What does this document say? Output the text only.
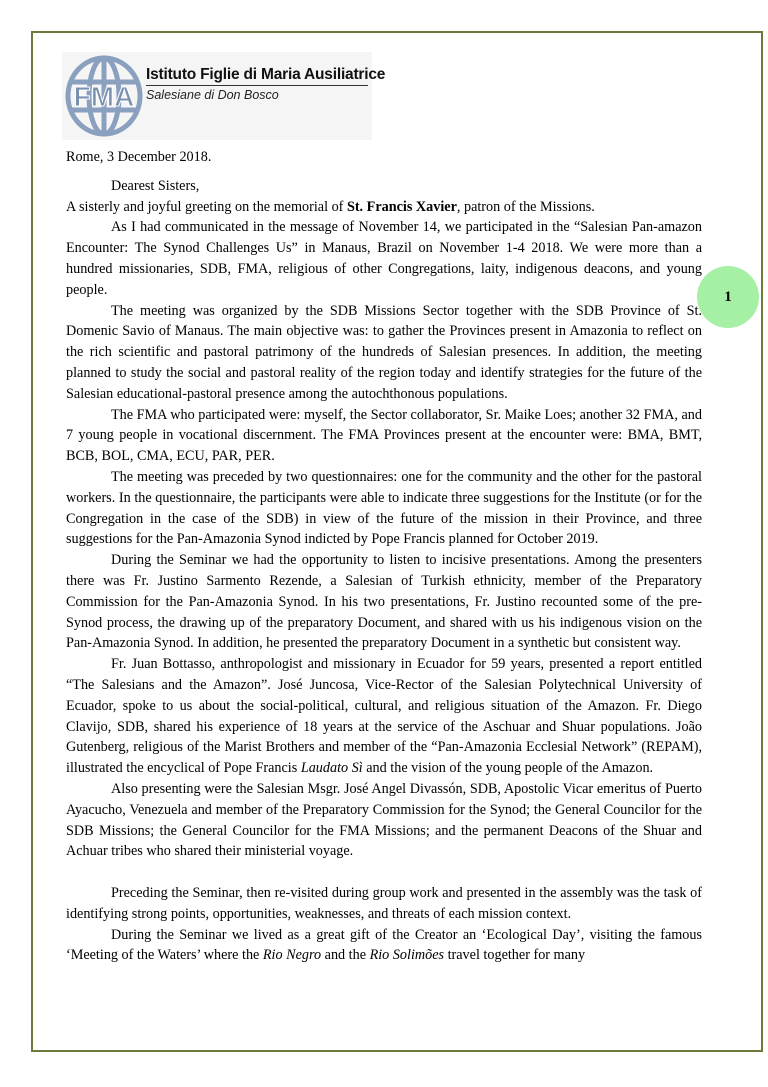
FMA
Istituto Figlie di Maria Ausiliatrice
Salesiane di Don Bosco
1

Rome, 3 December 2018.

Dearest Sisters,

A sisterly and joyful greeting on the memorial of St. Francis Xavier, patron of the Missions.

As I had communicated in the message of November 14, we participated in the “Salesian Pan-amazon Encounter: The Synod Challenges Us” in Manaus, Brazil on November 1-4 2018. We were more than a hundred missionaries, SDB, FMA, religious of other Congregations, laity, indigenous deacons, and young people.

The meeting was organized by the SDB Missions Sector together with the SDB Province of St. Domenic Savio of Manaus. The main objective was: to gather the Provinces present in Amazonia to reflect on the rich scientific and pastoral patrimony of the hundreds of Salesian presences. In addition, the meeting planned to study the social and pastoral reality of the region today and identify strategies for the future of the Salesian educational-pastoral presence among the autochthonous populations.

The FMA who participated were: myself, the Sector collaborator, Sr. Maike Loes; another 32 FMA, and 7 young people in vocational discernment. The FMA Provinces present at the encounter were: BMA, BMT, BCB, BOL, CMA, ECU, PAR, PER.

The meeting was preceded by two questionnaires: one for the community and the other for the pastoral workers. In the questionnaire, the participants were able to indicate three suggestions for the Institute (or for the Congregation in the case of the SDB) in view of the future of the mission in their Province, and three suggestions for the Pan-Amazonia Synod indicted by Pope Francis planned for October 2019.

During the Seminar we had the opportunity to listen to incisive presentations. Among the presenters there was Fr. Justino Sarmento Rezende, a Salesian of Turkish ethnicity, member of the Preparatory Commission for the Pan-Amazonia Synod. In his two presentations, Fr. Justino recounted some of the pre-Synod process, the drawing up of the preparatory Document, and shared with us his indigenous vision on the Pan-Amazonia Synod. In addition, he presented the preparatory Document in a synthetic but consistent way.

Fr. Juan Bottasso, anthropologist and missionary in Ecuador for 59 years, presented a report entitled “The Salesians and the Amazon”. José Juncosa, Vice-Rector of the Salesian Polytechnical University of Ecuador, spoke to us about the social-political, cultural, and religious situation of the Amazon. Fr. Diego Clavijo, SDB, shared his experience of 18 years at the service of the Aschuar and Shuar populations. João Gutenberg, religious of the Marist Brothers and member of the “Pan-Amazonia Ecclesial Network” (REPAM), illustrated the encyclical of Pope Francis Laudato Sì and the vision of the young people of the Amazon.

Also presenting were the Salesian Msgr. José Angel Divassón, SDB, Apostolic Vicar emeritus of Puerto Ayacucho, Venezuela and member of the Preparatory Commission for the Synod; the General Councilor for the SDB Missions; the General Councilor for the FMA Missions; and the permanent Deacons of the Shuar and Achuar tribes who shared their ministerial voyage.

Preceding the Seminar, then re-visited during group work and presented in the assembly was the task of identifying strong points, opportunities, weaknesses, and threats of each mission context.

During the Seminar we lived as a great gift of the Creator an ‘Ecological Day’, visiting the famous ‘Meeting of the Waters’ where the Rio Negro and the Rio Solimões travel together for many
